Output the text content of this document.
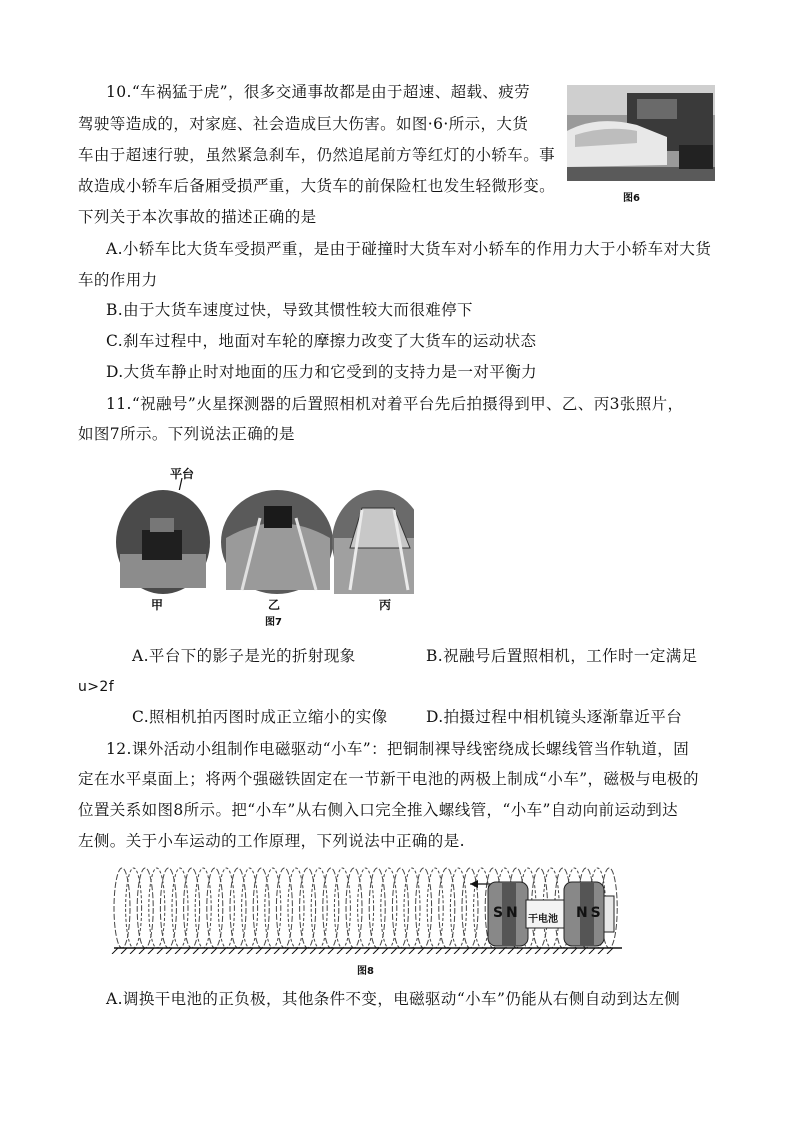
10.“车祸猛于虎”，很多交通事故都是由于超速、超载、疲劳
驾驶等造成的，对家庭、社会造成巨大伤害。如图·6·所示，大货
车由于超速行驶，虽然紧急刹车，仍然追尾前方等红灯的小轿车。事
故造成小轿车后备厢受损严重，大货车的前保险杠也发生轻微形变。
下列关于本次事故的描述正确的是
图6
A.小轿车比大货车受损严重，是由于碰撞时大货车对小轿车的作用力大于小轿车对大货
车的作用力
B.由于大货车速度过快，导致其惯性较大而很难停下
C.刹车过程中，地面对车轮的摩擦力改变了大货车的运动状态
D.大货车静止时对地面的压力和它受到的支持力是一对平衡力
11.“祝融号”火星探测器的后置照相机对着平台先后拍摄得到甲、乙、丙3张照片，
如图7所示。下列说法正确的是
平台
甲	乙	丙
图7
A.平台下的影子是光的折射现象	B.祝融号后置照相机，工作时一定满足
u>2f
C.照相机拍丙图时成正立缩小的实像 D.拍摄过程中相机镜头逐渐靠近平台
12.课外活动小组制作电磁驱动“小车”：把铜制裸导线密绕成长螺线管当作轨道，固
定在水平桌面上；将两个强磁铁固定在一节新干电池的两极上制成“小车”，磁极与电极的
位置关系如图8所示。把“小车”从右侧入口完全推入螺线管，“小车”自动向前运动到达
左侧。关于小车运动的工作原理，下列说法中正确的是.
S N 干电池 N S
图8
A.调换干电池的正负极，其他条件不变，电磁驱动“小车”仍能从右侧自动到达左侧
